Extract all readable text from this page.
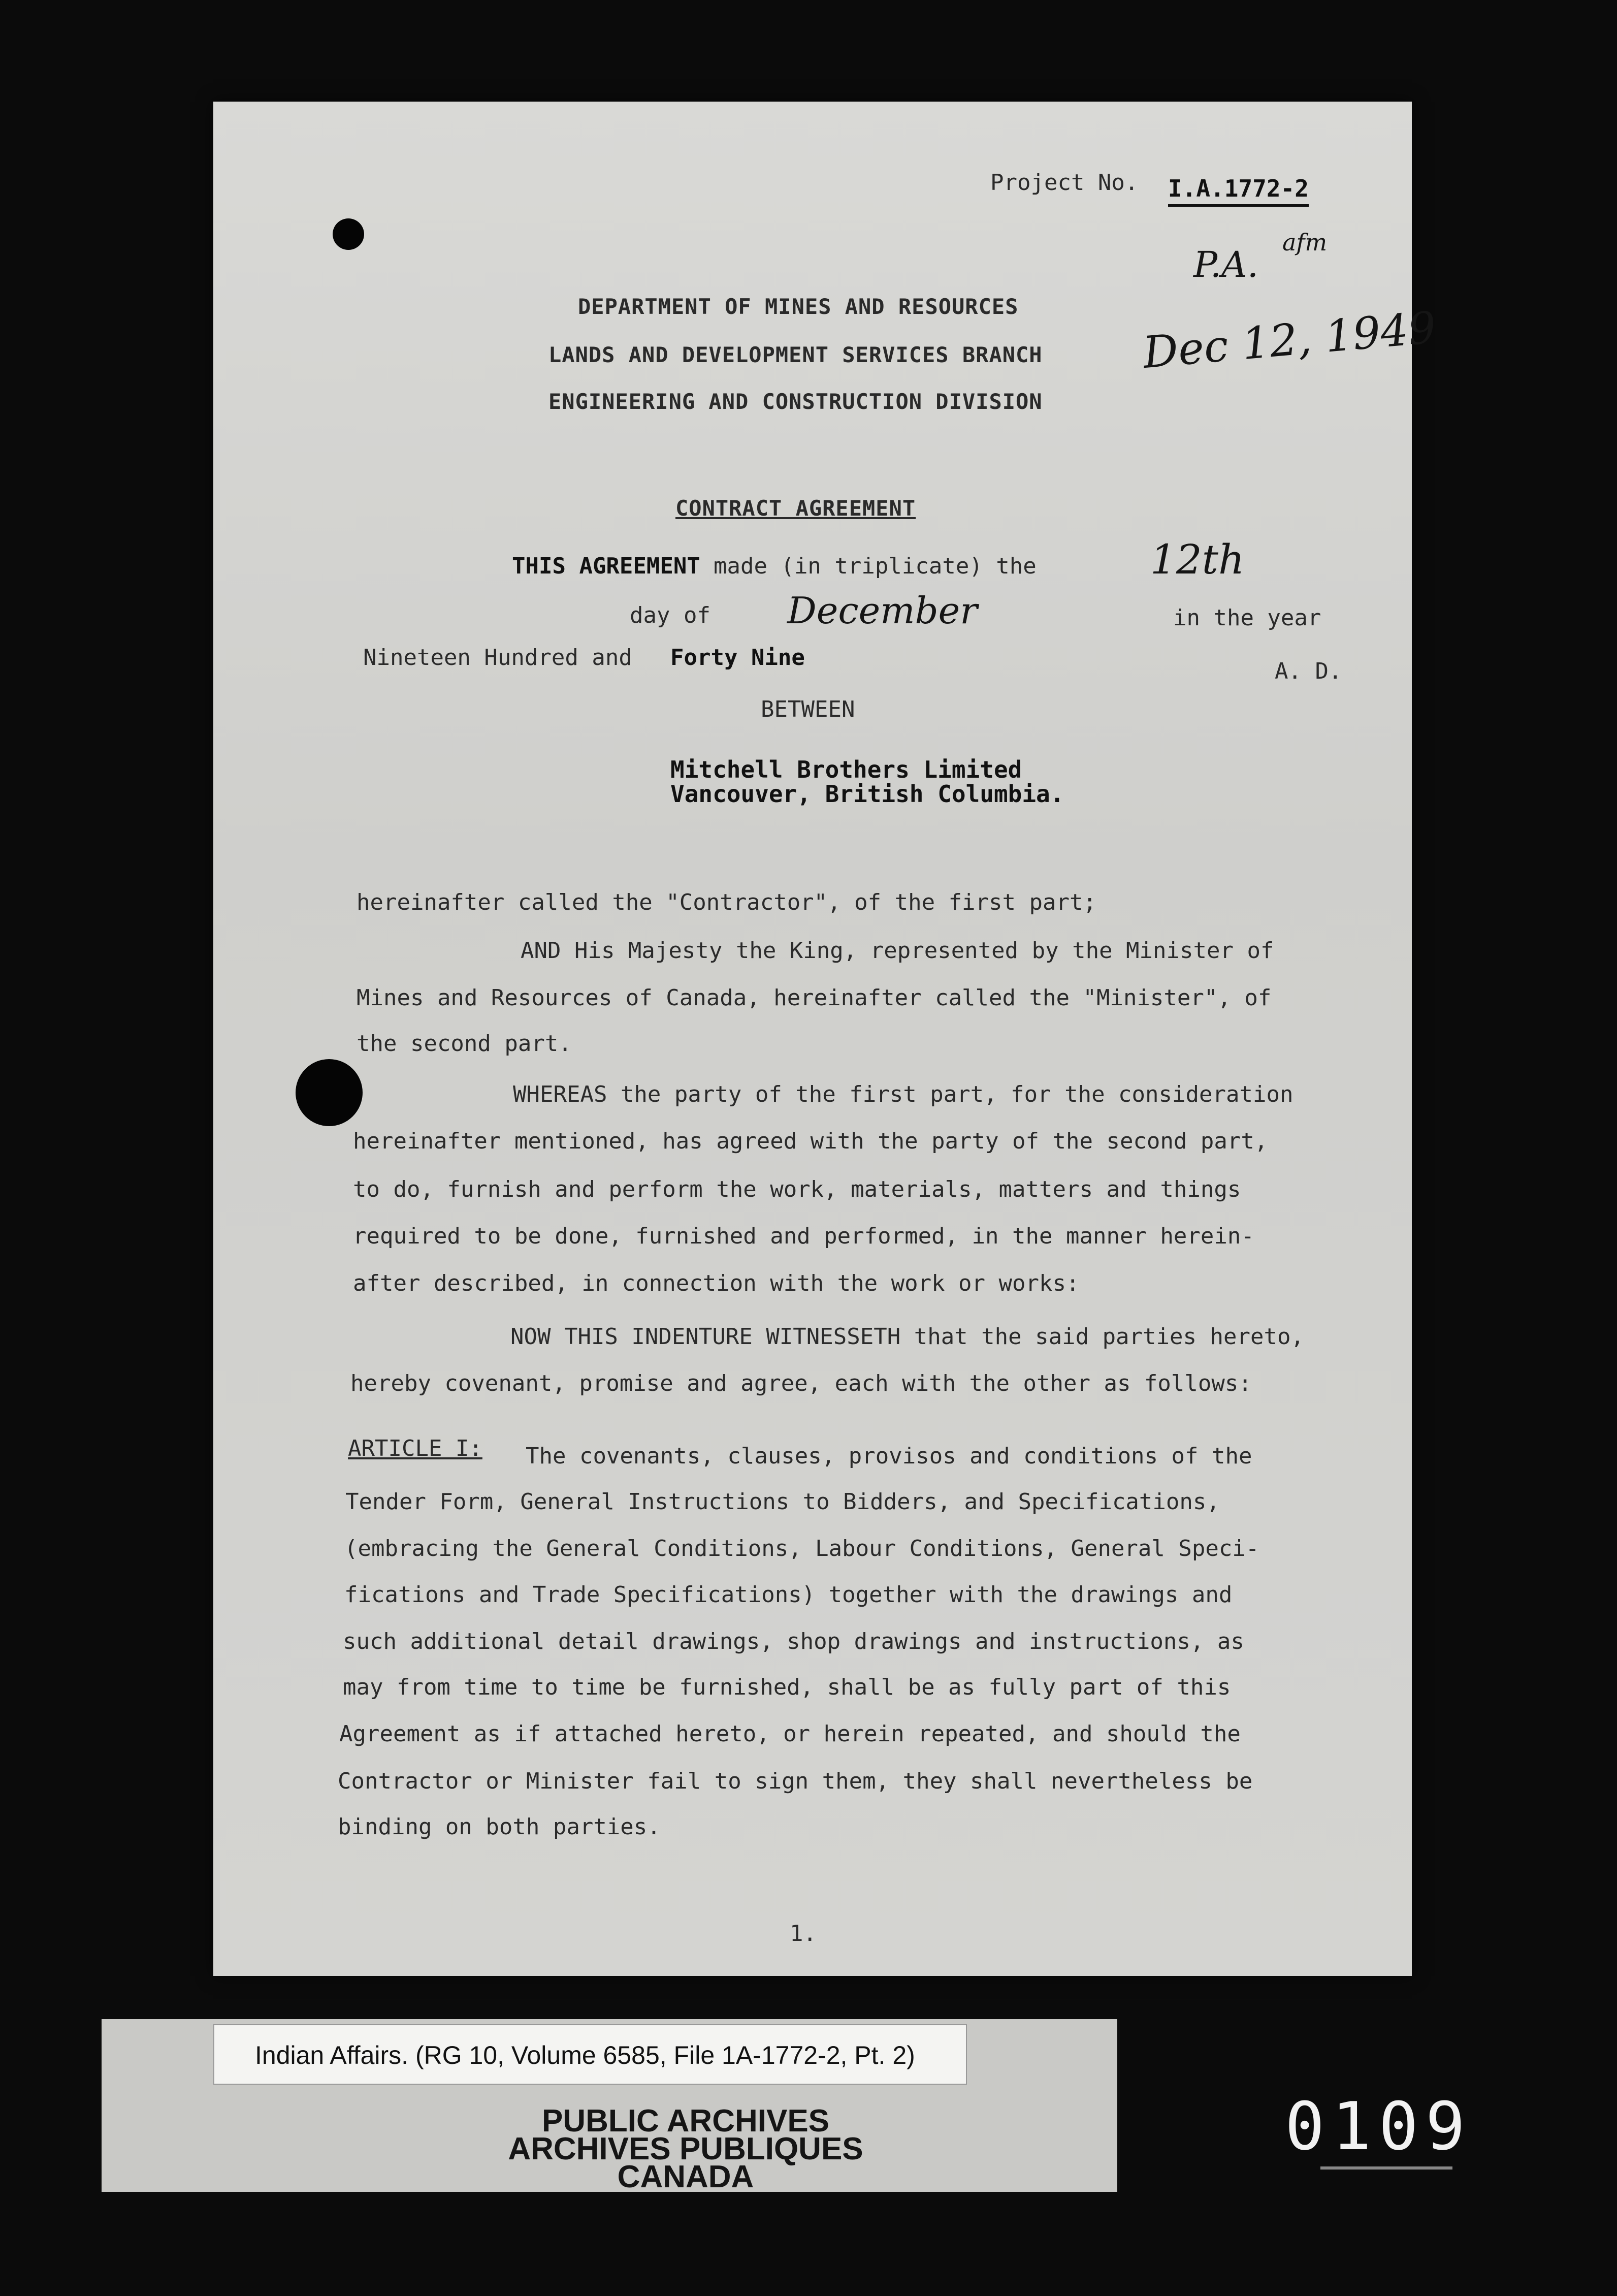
Project No. I.A.1772-2
P.A.
afm
Dec 12, 1949
DEPARTMENT OF MINES AND RESOURCES
LANDS AND DEVELOPMENT SERVICES BRANCH
ENGINEERING AND CONSTRUCTION DIVISION
CONTRACT AGREEMENT
THIS AGREEMENT made (in triplicate) the	12th
day of December	in the year
Nineteen Hundred and Forty Nine
A. D.
BETWEEN
Mitchell Brothers Limited
Vancouver, British Columbia.
hereinafter called the "Contractor", of the first part;
AND His Majesty the King, represented by the Minister of
Mines and Resources of Canada, hereinafter called the "Minister", of
the second part.
WHEREAS the party of the first part, for the consideration
hereinafter mentioned, has agreed with the party of the second part,
to do, furnish and perform the work, materials, matters and things
required to be done, furnished and performed, in the manner herein-
after described, in connection with the work or works:
NOW THIS INDENTURE WITNESSETH that the said parties hereto,
hereby covenant, promise and agree, each with the other as follows:
ARTICLE I: The covenants, clauses, provisos and conditions of the
Tender Form, General Instructions to Bidders, and Specifications,
(embracing the General Conditions, Labour Conditions, General Speci-
fications and Trade Specifications) together with the drawings and
such additional detail drawings, shop drawings and instructions, as
may from time to time be furnished, shall be as fully part of this
Agreement as if attached hereto, or herein repeated, and should the
Contractor or Minister fail to sign them, they shall nevertheless be
binding on both parties.
1.
Indian Affairs. (RG 10, Volume 6585, File 1A-1772-2, Pt. 2)
PUBLIC ARCHIVES
ARCHIVES PUBLIQUES
CANADA
0109
